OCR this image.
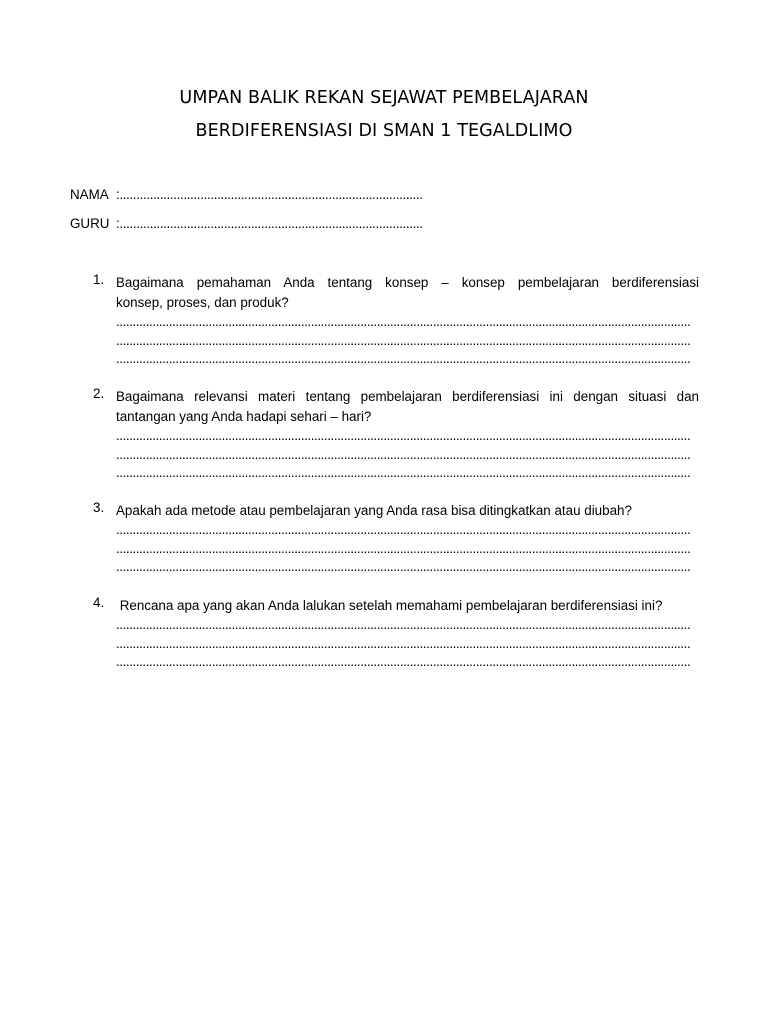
UMPAN BALIK REKAN SEJAWAT PEMBELAJARAN
BERDIFERENSIASI DI SMAN 1 TEGALDLIMO
NAMA :..........................................................................................
GURU :..........................................................................................
1. Bagaimana pemahaman Anda tentang konsep – konsep pembelajaran berdiferensiasi
konsep, proses, dan produk?
..............................................................................................................................................................................
..............................................................................................................................................................................
..............................................................................................................................................................................
2. Bagaimana relevansi materi tentang pembelajaran berdiferensiasi ini dengan situasi dan
tantangan yang Anda hadapi sehari – hari?
..............................................................................................................................................................................
..............................................................................................................................................................................
..............................................................................................................................................................................
3. Apakah ada metode atau pembelajaran yang Anda rasa bisa ditingkatkan atau diubah?
..............................................................................................................................................................................
..............................................................................................................................................................................
..............................................................................................................................................................................
4. Rencana apa yang akan Anda lalukan setelah memahami pembelajaran berdiferensiasi ini?
..............................................................................................................................................................................
..............................................................................................................................................................................
..............................................................................................................................................................................
